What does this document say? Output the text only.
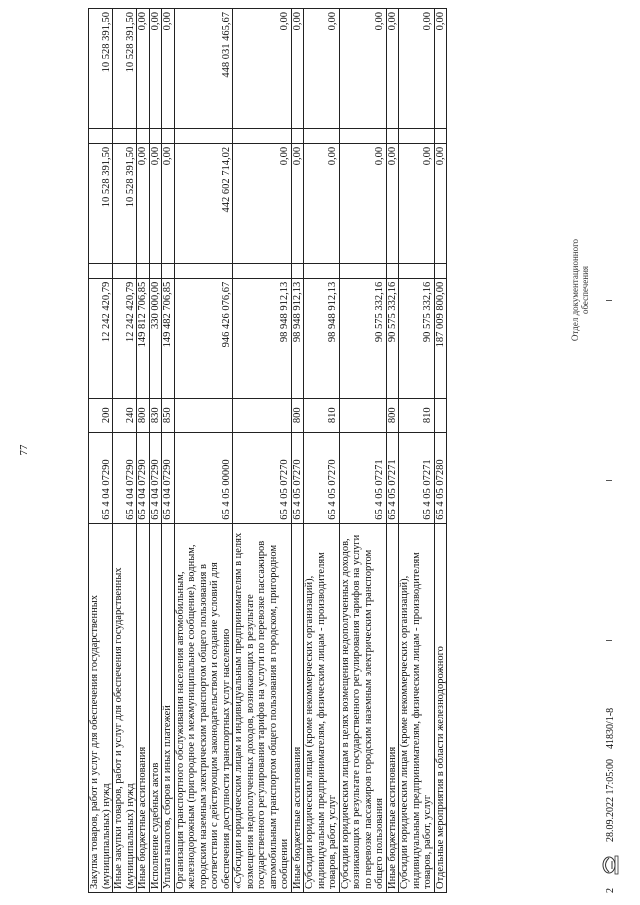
77
Закупка товаров, работ и услуг для обеспечения государственных (муниципальных) нужд	65 4 04 07290	200	12 242 420,79		10 528 391,50		10 528 391,50
Иные закупки товаров, работ и услуг для обеспечения государственных (муниципальных) нужд	65 4 04 07290	240	12 242 420,79		10 528 391,50		10 528 391,50
Иные бюджетные ассигнования	65 4 04 07290	800	149 812 706,85		0,00		0,00
Исполнение судебных актов	65 4 04 07290	830	330 000,00		0,00		0,00
Уплата налогов, сборов и иных платежей	65 4 04 07290	850	149 482 706,85		0,00		0,00
Организация транспортного обслуживания населения автомобильным, железнодорожным (пригородное и межмуниципальное сообщение), водным, городским наземным электрическим транспортом общего пользования в соответствии с действующим законодательством и создание условий для обеспечения доступности транспортных услуг населению	65 4 05 00000		946 426 076,67		442 602 714,02		448 031 465,67
«Субсидии юридическим лицам и индивидуальным предпринимателям в целях возмещения недополученных доходов, возникающих в результате государственного регулирования тарифов на услуги по перевозке пассажиров автомобильным транспортом общего пользования в городском, пригородном сообщении	65 4 05 07270		98 948 912,13		0,00		0,00
Иные бюджетные ассигнования	65 4 05 07270	800	98 948 912,13		0,00		0,00
Субсидии юридическим лицам (кроме некоммерческих организаций), индивидуальным предпринимателям, физическим лицам - производителям товаров, работ, услуг	65 4 05 07270	810	98 948 912,13		0,00		0,00
Субсидии юридическим лицам в целях возмещения недополученных доходов, возникающих в результате государственного регулирования тарифов на услуги по перевозке пассажиров городским наземным электрическим транспортом общего пользования	65 4 05 07271		90 575 332,16		0,00		0,00
Иные бюджетные ассигнования	65 4 05 07271	800	90 575 332,16		0,00		0,00
Субсидии юридическим лицам (кроме некоммерческих организаций), индивидуальным предпринимателям, физическим лицам - производителям товаров, работ, услуг	65 4 05 07271	810	90 575 332,16		0,00		0,00
Отдельные мероприятия в области железнодорожного	65 4 05 07280		187 009 800,00		0,00		0,00
2
28.09.2022 17:05:00
41830/1-8
Отдел документационного обеспечения
